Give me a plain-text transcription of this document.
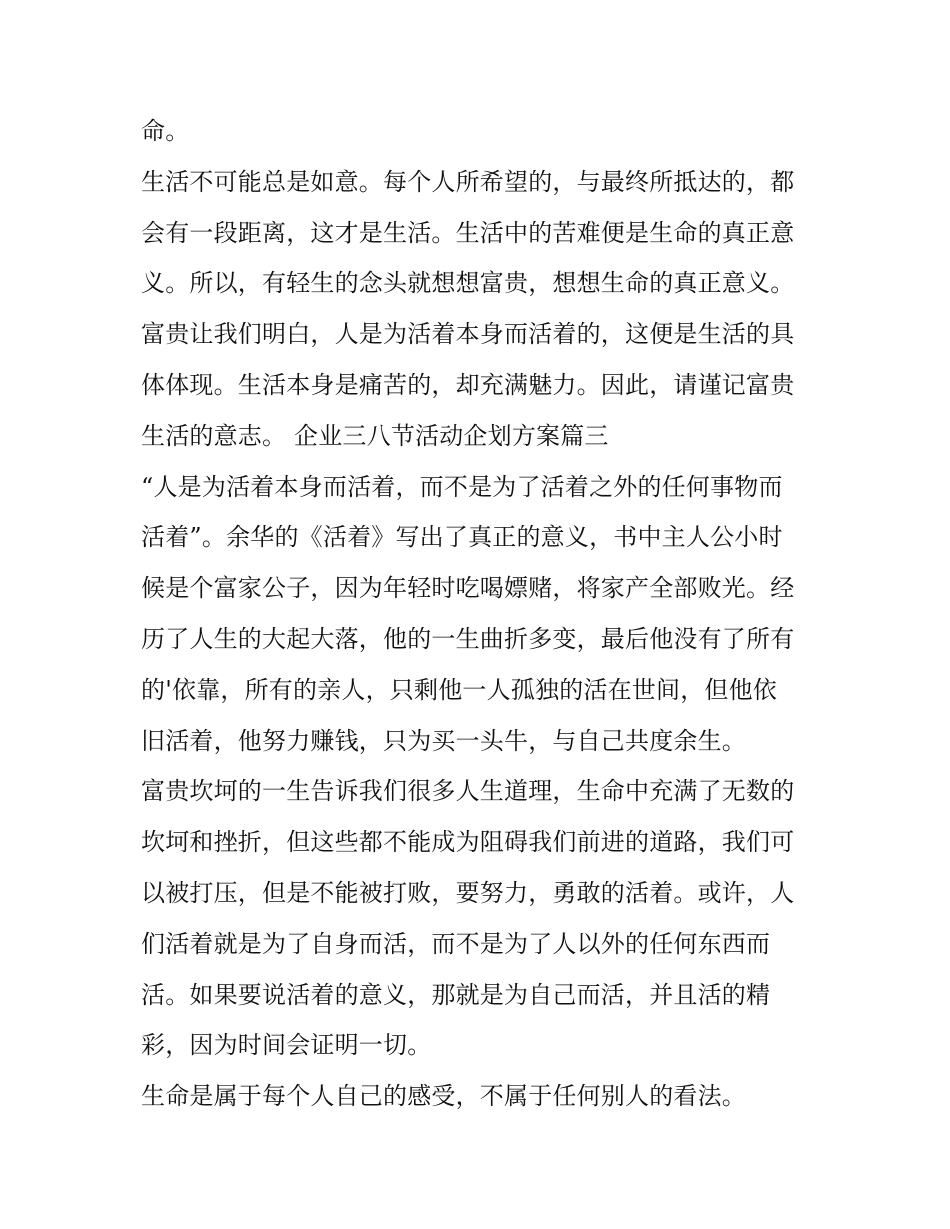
命。
生活不可能总是如意。每个人所希望的，与最终所抵达的，都
会有一段距离，这才是生活。生活中的苦难便是生命的真正意
义。所以，有轻生的念头就想想富贵，想想生命的真正意义。
富贵让我们明白，人是为活着本身而活着的，这便是生活的具
体体现。生活本身是痛苦的，却充满魅力。因此，请谨记富贵
生活的意志。 企业三八节活动企划方案篇三
“人是为活着本身而活着，而不是为了活着之外的任何事物而
活着”。余华的《活着》写出了真正的意义，书中主人公小时
候是个富家公子，因为年轻时吃喝嫖赌，将家产全部败光。经
历了人生的大起大落，他的一生曲折多变，最后他没有了所有
的'依靠，所有的亲人，只剩他一人孤独的活在世间，但他依
旧活着，他努力赚钱，只为买一头牛，与自己共度余生。
富贵坎坷的一生告诉我们很多人生道理，生命中充满了无数的
坎坷和挫折，但这些都不能成为阻碍我们前进的道路，我们可
以被打压，但是不能被打败，要努力，勇敢的活着。或许，人
们活着就是为了自身而活，而不是为了人以外的任何东西而
活。如果要说活着的意义，那就是为自己而活，并且活的精
彩，因为时间会证明一切。
生命是属于每个人自己的感受，不属于任何别人的看法。
